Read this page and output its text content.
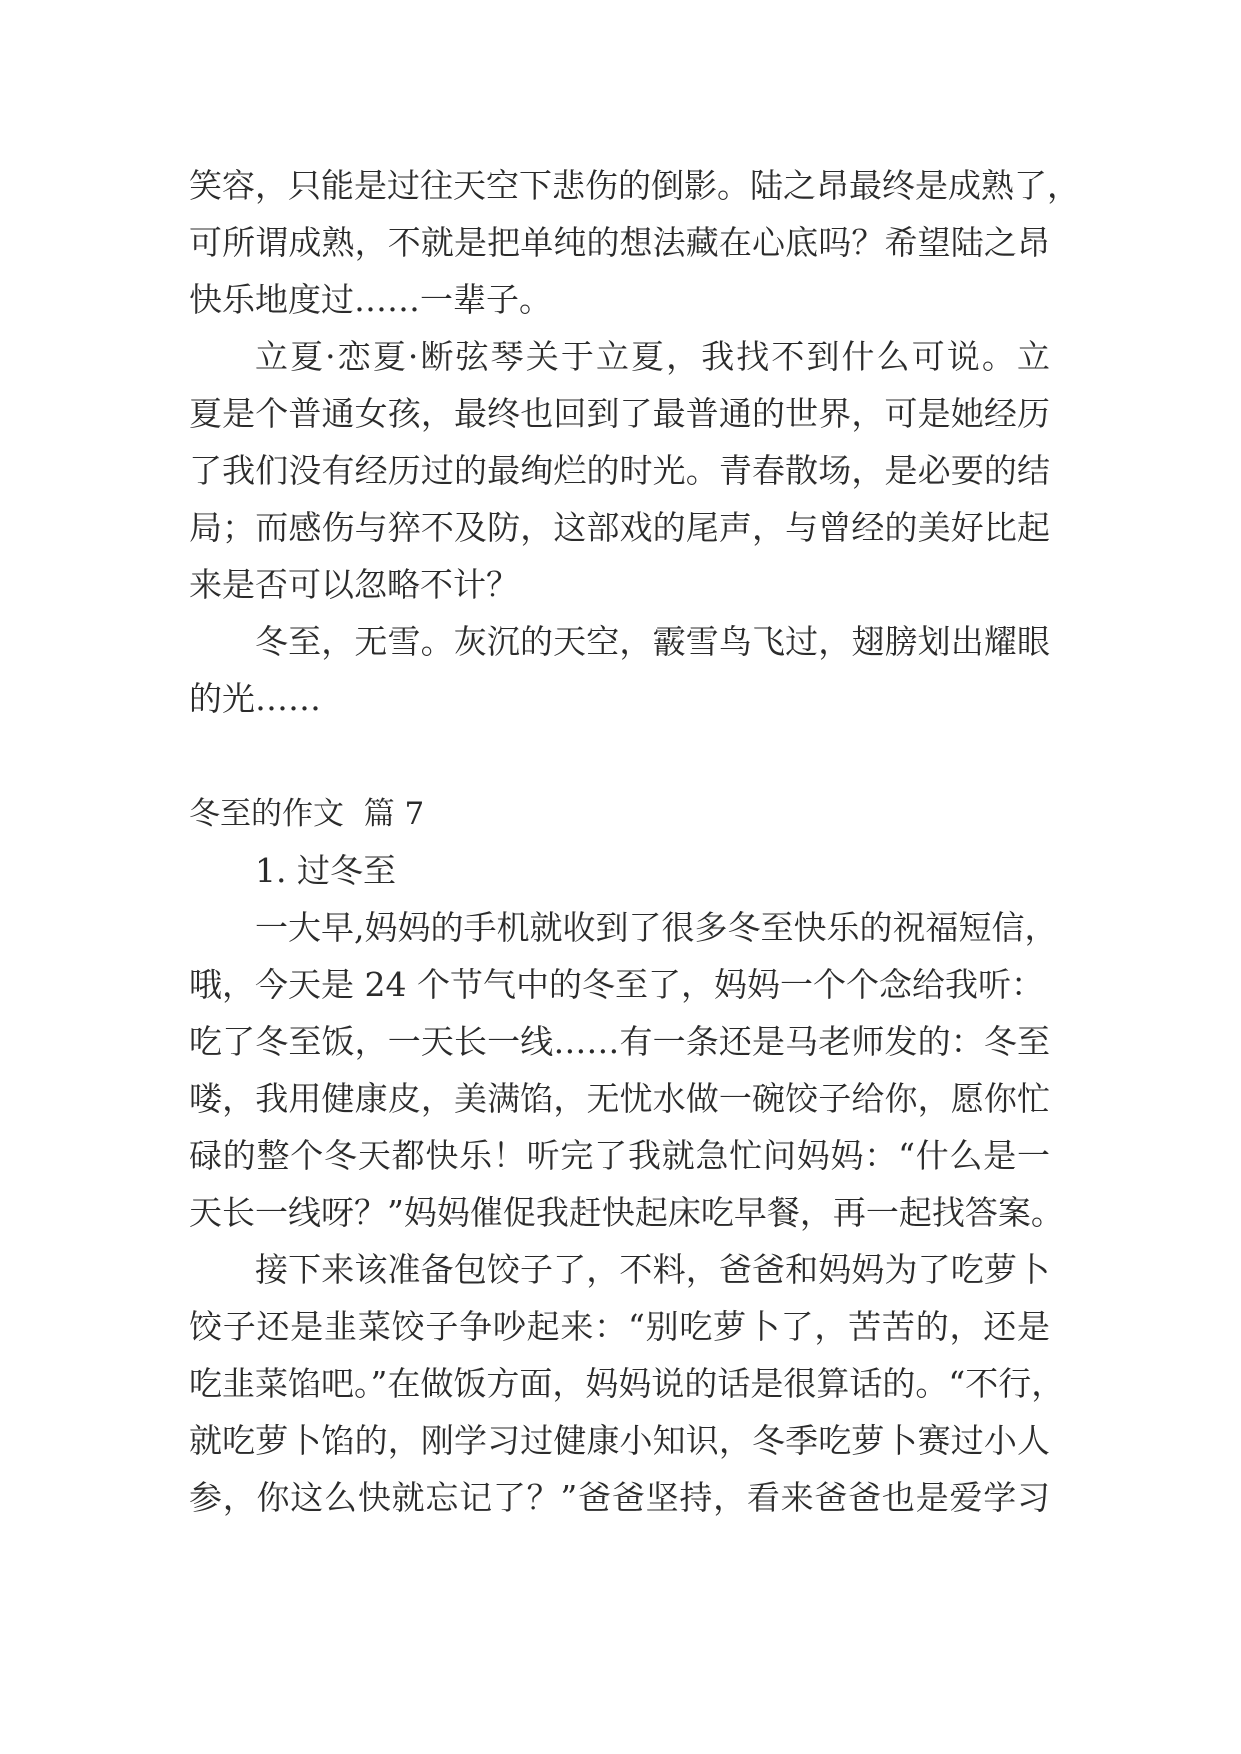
笑容，只能是过往天空下悲伤的倒影。陆之昂最终是成熟了，
可所谓成熟，不就是把单纯的想法藏在心底吗？希望陆之昂
快乐地度过……一辈子。
立夏·恋夏·断弦琴关于立夏，我找不到什么可说。立
夏是个普通女孩，最终也回到了最普通的世界，可是她经历
了我们没有经历过的最绚烂的时光。青春散场，是必要的结
局；而感伤与猝不及防，这部戏的尾声，与曾经的美好比起
来是否可以忽略不计？
冬至，无雪。灰沉的天空，霰雪鸟飞过，翅膀划出耀眼
的光……
冬至的作文  篇 7
1. 过冬至
一大早,妈妈的手机就收到了很多冬至快乐的祝福短信，
哦，今天是 24 个节气中的冬至了，妈妈一个个念给我听：
吃了冬至饭，一天长一线……有一条还是马老师发的：冬至
喽，我用健康皮，美满馅，无忧水做一碗饺子给你，愿你忙
碌的整个冬天都快乐！听完了我就急忙问妈妈：“什么是一
天长一线呀？”妈妈催促我赶快起床吃早餐，再一起找答案。
接下来该准备包饺子了，不料，爸爸和妈妈为了吃萝卜
饺子还是韭菜饺子争吵起来：“别吃萝卜了，苦苦的，还是
吃韭菜馅吧。”在做饭方面，妈妈说的话是很算话的。“不行，
就吃萝卜馅的，刚学习过健康小知识，冬季吃萝卜赛过小人
参，你这么快就忘记了？”爸爸坚持，看来爸爸也是爱学习
